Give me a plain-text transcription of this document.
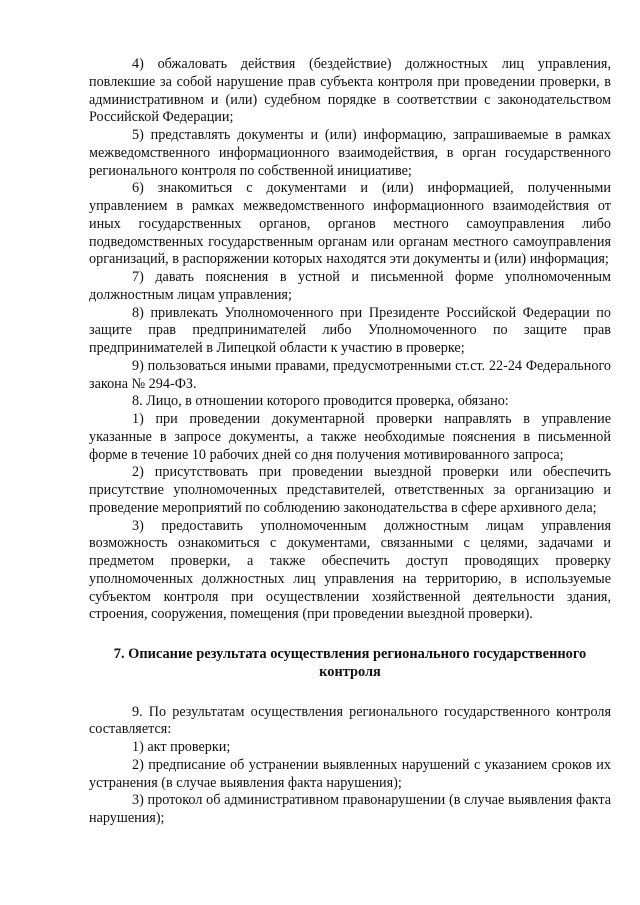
4) обжаловать действия (бездействие) должностных лиц управления, повлекшие за собой нарушение прав субъекта контроля при проведении проверки, в административном и (или) судебном порядке в соответствии с законодательством Российской Федерации;

5) представлять документы и (или) информацию, запрашиваемые в рамках межведомственного информационного взаимодействия, в орган государственного регионального контроля по собственной инициативе;

6) знакомиться с документами и (или) информацией, полученными управлением в рамках межведомственного информационного взаимодействия от иных государственных органов, органов местного самоуправления либо подведомственных государственным органам или органам местного самоуправления организаций, в распоряжении которых находятся эти документы и (или) информация;

7) давать пояснения в устной и письменной форме уполномоченным должностным лицам управления;

8) привлекать Уполномоченного при Президенте Российской Федерации по защите прав предпринимателей либо Уполномоченного по защите прав предпринимателей в Липецкой области к участию в проверке;

9) пользоваться иными правами, предусмотренными ст.ст. 22-24 Федерального закона № 294-ФЗ.

8. Лицо, в отношении которого проводится проверка, обязано:

1) при проведении документарной проверки направлять в управление указанные в запросе документы, а также необходимые пояснения в письменной форме в течение 10 рабочих дней со дня получения мотивированного запроса;

2) присутствовать при проведении выездной проверки или обеспечить присутствие уполномоченных представителей, ответственных за организацию и проведение мероприятий по соблюдению законодательства в сфере архивного дела;

3) предоставить уполномоченным должностным лицам управления возможность ознакомиться с документами, связанными с целями, задачами и предметом проверки, а также обеспечить доступ проводящих проверку уполномоченных должностных лиц управления на территорию, в используемые субъектом контроля при осуществлении хозяйственной деятельности здания, строения, сооружения, помещения (при проведении выездной проверки).

7. Описание результата осуществления регионального государственного контроля

9. По результатам осуществления регионального государственного контроля составляется:

1) акт проверки;

2) предписание об устранении выявленных нарушений с указанием сроков их устранения (в случае выявления факта нарушения);

3) протокол об административном правонарушении (в случае выявления факта нарушения);
